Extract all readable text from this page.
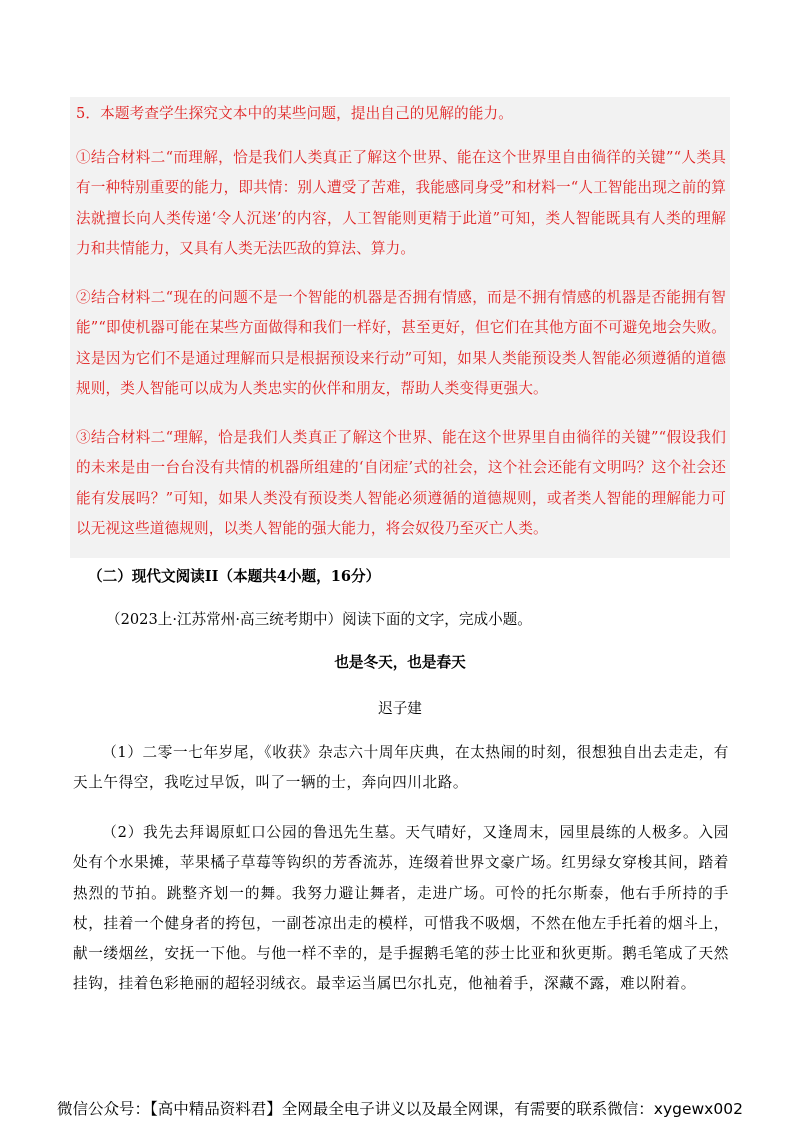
5．本题考查学生探究文本中的某些问题，提出自己的见解的能力。

①结合材料二“而理解，恰是我们人类真正了解这个世界、能在这个世界里自由徜徉的关键”“人类具有一种特别重要的能力，即共情：别人遭受了苦难，我能感同身受”和材料一“人工智能出现之前的算法就擅长向人类传递‘令人沉迷’的内容，人工智能则更精于此道”可知，类人智能既具有人类的理解力和共情能力，又具有人类无法匹敌的算法、算力。

②结合材料二“现在的问题不是一个智能的机器是否拥有情感，而是不拥有情感的机器是否能拥有智能”“即使机器可能在某些方面做得和我们一样好，甚至更好，但它们在其他方面不可避免地会失败。这是因为它们不是通过理解而只是根据预设来行动”可知，如果人类能预设类人智能必须遵循的道德规则，类人智能可以成为人类忠实的伙伴和朋友，帮助人类变得更强大。

③结合材料二“理解，恰是我们人类真正了解这个世界、能在这个世界里自由徜徉的关键”“假设我们的未来是由一台台没有共情的机器所组建的‘自闭症’式的社会，这个社会还能有文明吗？这个社会还能有发展吗？”可知，如果人类没有预设类人智能必须遵循的道德规则，或者类人智能的理解能力可以无视这些道德规则，以类人智能的强大能力，将会奴役乃至灭亡人类。

（二）现代文阅读II（本题共4小题，16分）

（2023上·江苏常州·高三统考期中）阅读下面的文字，完成小题。

也是冬天，也是春天

迟子建

（1）二零一七年岁尾，《收获》杂志六十周年庆典，在太热闹的时刻，很想独自出去走走，有天上午得空，我吃过早饭，叫了一辆的士，奔向四川北路。

（2）我先去拜谒原虹口公园的鲁迅先生墓。天气晴好，又逢周末，园里晨练的人极多。入园处有个水果摊，苹果橘子草莓等钩织的芳香流苏，连缀着世界文豪广场。红男绿女穿梭其间，踏着热烈的节拍。跳整齐划一的舞。我努力避让舞者，走进广场。可怜的托尔斯泰，他右手所持的手杖，挂着一个健身者的挎包，一副苍凉出走的模样，可惜我不吸烟，不然在他左手托着的烟斗上，献一缕烟丝，安抚一下他。与他一样不幸的，是手握鹅毛笔的莎士比亚和狄更斯。鹅毛笔成了天然挂钩，挂着色彩艳丽的超轻羽绒衣。最幸运当属巴尔扎克，他袖着手，深藏不露，难以附着。

微信公众号：【高中精品资料君】全网最全电子讲义以及最全网课，有需要的联系微信：xygewx002
